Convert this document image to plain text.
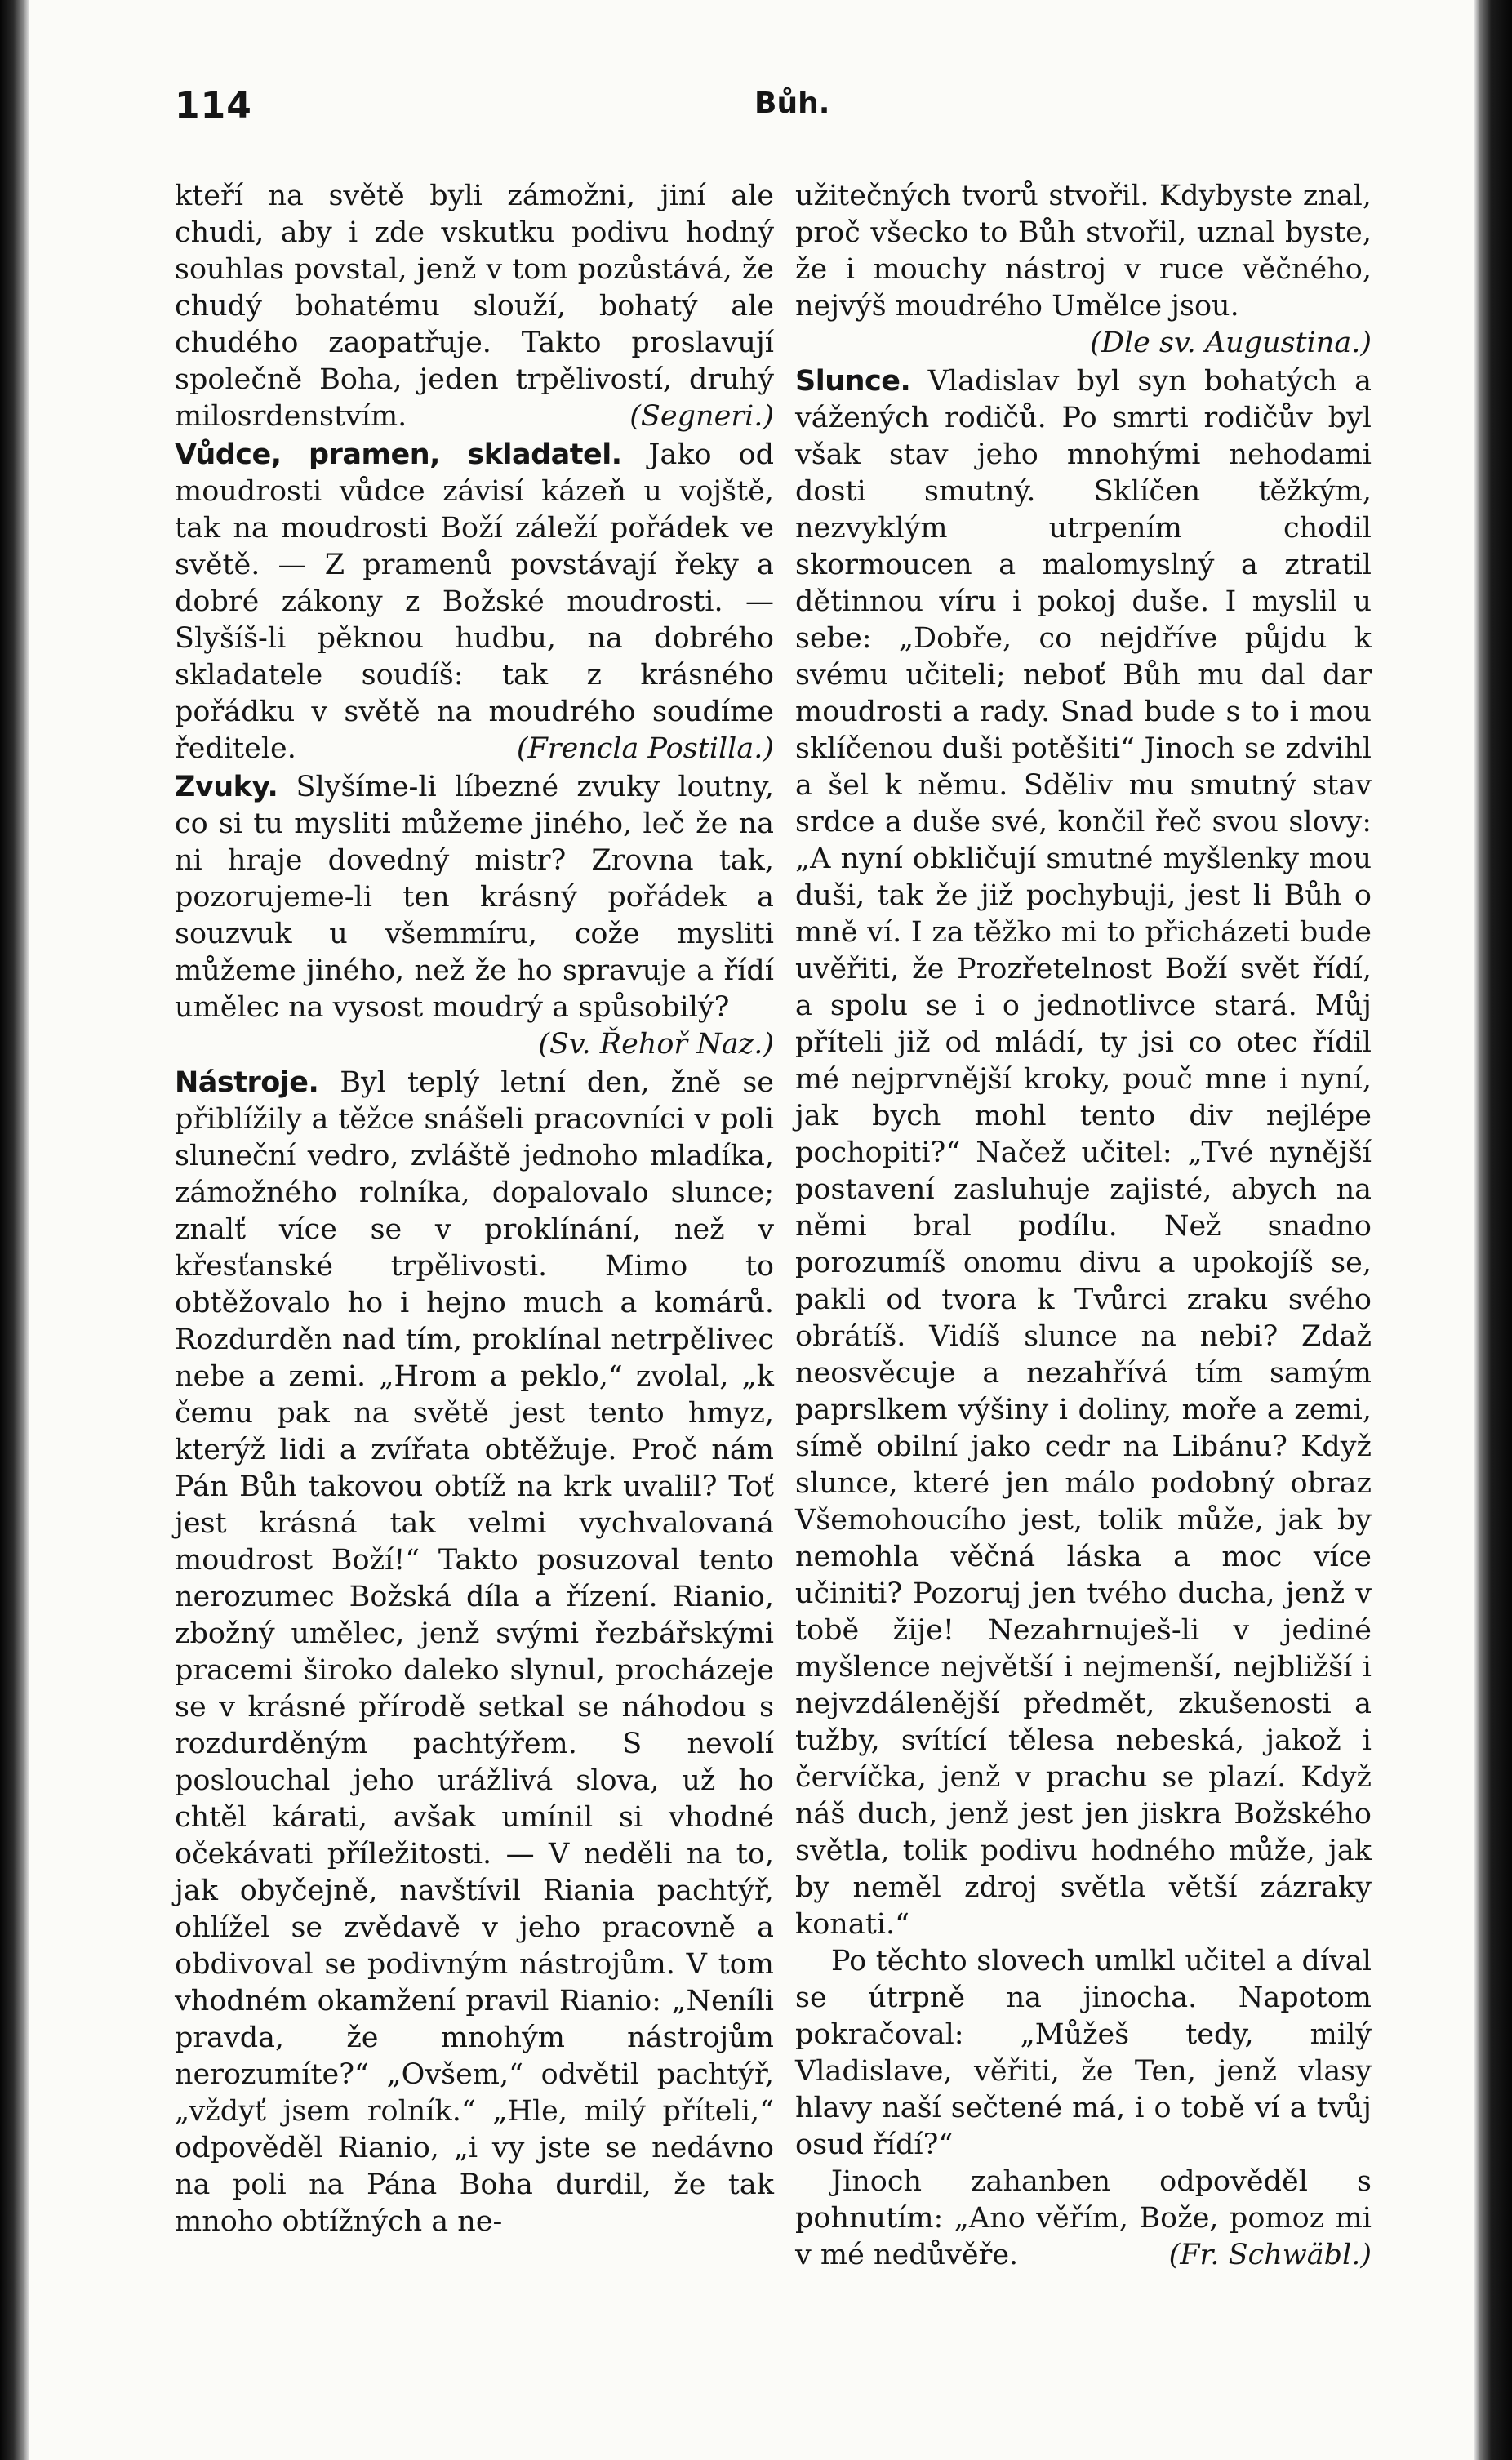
114	Bůh.

kteří na světě byli zámožni, jiní ale chudi, aby i zde vskutku podivu hodný souhlas povstal, jenž v tom pozůstává, že chudý bohatému slouží, bohatý ale chudého zaopatřuje. Takto proslavují společně Boha, jeden trpělivostí, druhý milosrdenstvím.	(Segneri.)

Vůdce, pramen, skladatel. Jako od moudrosti vůdce závisí kázeň u vojště, tak na moudrosti Boží záleží pořádek ve světě. — Z pramenů povstávají řeky a dobré zákony z Božské moudrosti. — Slyšíš-li pěknou hudbu, na dobrého skladatele soudíš: tak z krásného pořádku v světě na moudrého soudíme ředitele.	(Frencla Postilla.)

Zvuky. Slyšíme-li líbezné zvuky loutny, co si tu mysliti můžeme jiného, leč že na ni hraje dovedný mistr? Zrovna tak, pozorujeme-li ten krásný pořádek a souzvuk u všemmíru, cože mysliti můžeme jiného, než že ho spravuje a řídí umělec na vysost moudrý a spůsobilý?

(Sv. Řehoř Naz.)

Nástroje. Byl teplý letní den, žně se přiblížily a těžce snášeli pracovníci v poli sluneční vedro, zvláště jednoho mladíka, zámožného rolníka, dopalovalo slunce; znalť více se v proklínání, než v křesťanské trpělivosti. Mimo to obtěžovalo ho i hejno much a komárů. Rozdurděn nad tím, proklínal netrpělivec nebe a zemi. „Hrom a peklo,“ zvolal, „k čemu pak na světě jest tento hmyz, kterýž lidi a zvířata obtěžuje. Proč nám Pán Bůh takovou obtíž na krk uvalil? Toť jest krásná tak velmi vychvalovaná moudrost Boží!“ Takto posuzoval tento nerozumec Božská díla a řízení. Rianio, zbožný umělec, jenž svými řezbářskými pracemi široko daleko slynul, procházeje se v krásné přírodě setkal se náhodou s rozdurděným pachtýřem. S nevolí poslouchal jeho urážlivá slova, už ho chtěl kárati, avšak umínil si vhodné očekávati příležitosti. — V neděli na to, jak obyčejně, navštívil Riania pachtýř, ohlížel se zvědavě v jeho pracovně a obdivoval se podivným nástrojům. V tom vhodném okamžení pravil Rianio: „Neníli pravda, že mnohým nástrojům nerozumíte?“ „Ovšem,“ odvětil pachtýř, „vždyť jsem rolník.“ „Hle, milý příteli,“ odpověděl Rianio, „i vy jste se nedávno na poli na Pána Boha durdil, že tak mnoho obtížných a ne-

užitečných tvorů stvořil. Kdybyste znal, proč všecko to Bůh stvořil, uznal byste, že i mouchy nástroj v ruce věčného, nejvýš moudrého Umělce jsou.

(Dle sv. Augustina.)

Slunce. Vladislav byl syn bohatých a vážených rodičů. Po smrti rodičův byl však stav jeho mnohými nehodami dosti smutný. Sklíčen těžkým, nezvyklým utrpením chodil skormoucen a malomyslný a ztratil dětinnou víru i pokoj duše. I myslil u sebe: „Dobře, co nejdříve půjdu k svému učiteli; neboť Bůh mu dal dar moudrosti a rady. Snad bude s to i mou sklíčenou duši potěšiti“ Jinoch se zdvihl a šel k němu. Sděliv mu smutný stav srdce a duše své, končil řeč svou slovy: „A nyní obkličují smutné myšlenky mou duši, tak že již pochybuji, jest li Bůh o mně ví. I za těžko mi to přicházeti bude uvěřiti, že Prozřetelnost Boží svět řídí, a spolu se i o jednotlivce stará. Můj příteli již od mládí, ty jsi co otec řídil mé nejprvnější kroky, pouč mne i nyní, jak bych mohl tento div nejlépe pochopiti?“ Načež učitel: „Tvé nynější postavení zasluhuje zajisté, abych na němi bral podílu. Než snadno porozumíš onomu divu a upokojíš se, pakli od tvora k Tvůrci zraku svého obrátíš. Vidíš slunce na nebi? Zdaž neosvěcuje a nezahřívá tím samým paprslkem výšiny i doliny, moře a zemi, símě obilní jako cedr na Libánu? Když slunce, které jen málo podobný obraz Všemohoucího jest, tolik může, jak by nemohla věčná láska a moc více učiniti? Pozoruj jen tvého ducha, jenž v tobě žije! Nezahrnuješ-li v jediné myšlence největší i nejmenší, nejbližší i nejvzdálenější předmět, zkušenosti a tužby, svítící tělesa nebeská, jakož i červíčka, jenž v prachu se plazí. Když náš duch, jenž jest jen jiskra Božského světla, tolik podivu hodného může, jak by neměl zdroj světla větší zázraky konati.“

Po těchto slovech umlkl učitel a díval se útrpně na jinocha. Napotom pokračoval: „Můžeš tedy, milý Vladislave, věřiti, že Ten, jenž vlasy hlavy naší sečtené má, i o tobě ví a tvůj osud řídí?“

Jinoch zahanben odpověděl s pohnutím: „Ano věřím, Bože, pomoz mi v mé nedůvěře.	(Fr. Schwäbl.)
